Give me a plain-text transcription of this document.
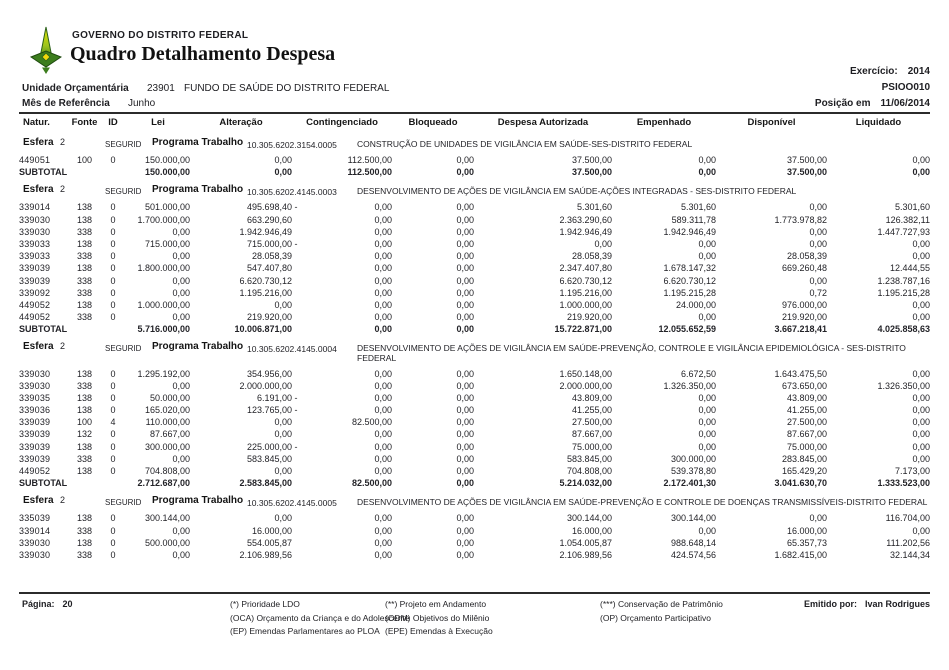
GOVERNO DO DISTRITO FEDERAL
Quadro Detalhamento Despesa
Exercício: 2014
PSIOO010
Posição em 11/06/2014
Unidade Orçamentária 23901 FUNDO DE SAÚDE DO DISTRITO FEDERAL
Mês de Referência Junho
Natur.	Fonte	ID	Lei	Alteração	Contingenciado	Bloqueado	Despesa Autorizada	Empenhado	Disponível	Liquidado

Esfera 2	SEGURID Programa Trabalho 10.305.6202.3154.0005 CONSTRUÇÃO DE UNIDADES DE VIGILÂNCIA EM SAÚDE-SES-DISTRITO FEDERAL

449051	100	0	150.000,00	0,00	112.500,00	0,00	37.500,00	0,00	37.500,00	0,00
SUBTOTAL			150.000,00	0,00	112.500,00	0,00	37.500,00	0,00	37.500,00	0,00

Esfera 2	SEGURID Programa Trabalho 10.305.6202.4145.0003 DESENVOLVIMENTO DE AÇÕES DE VIGILÂNCIA EM SAÚDE-AÇÕES INTEGRADAS - SES-DISTRITO FEDERAL

339014	138	0	501.000,00	495.698,40 -	0,00	0,00	5.301,60	5.301,60	0,00	5.301,60
339030	138	0	1.700.000,00	663.290,60	0,00	0,00	2.363.290,60	589.311,78	1.773.978,82	126.382,11
339030	338	0	0,00	1.942.946,49	0,00	0,00	1.942.946,49	1.942.946,49	0,00	1.447.727,93
339033	138	0	715.000,00	715.000,00 -	0,00	0,00	0,00	0,00	0,00	0,00
339033	338	0	0,00	28.058,39	0,00	0,00	28.058,39	0,00	28.058,39	0,00
339039	138	0	1.800.000,00	547.407,80	0,00	0,00	2.347.407,80	1.678.147,32	669.260,48	12.444,55
339039	338	0	0,00	6.620.730,12	0,00	0,00	6.620.730,12	6.620.730,12	0,00	1.238.787,16
339092	338	0	0,00	1.195.216,00	0,00	0,00	1.195.216,00	1.195.215,28	0,72	1.195.215,28
449052	138	0	1.000.000,00	0,00	0,00	0,00	1.000.000,00	24.000,00	976.000,00	0,00
449052	338	0	0,00	219.920,00	0,00	0,00	219.920,00	0,00	219.920,00	0,00
SUBTOTAL			5.716.000,00	10.006.871,00	0,00	0,00	15.722.871,00	12.055.652,59	3.667.218,41	4.025.858,63

Esfera 2	SEGURID Programa Trabalho 10.305.6202.4145.0004 DESENVOLVIMENTO DE AÇÕES DE VIGILÂNCIA EM SAÚDE-PREVENÇÃO, CONTROLE E VIGILÂNCIA EPIDEMIOLÓGICA - SES-DISTRITO FEDERAL

339030	138	0	1.295.192,00	354.956,00	0,00	0,00	1.650.148,00	6.672,50	1.643.475,50	0,00
339030	338	0	0,00	2.000.000,00	0,00	0,00	2.000.000,00	1.326.350,00	673.650,00	1.326.350,00
339035	138	0	50.000,00	6.191,00 -	0,00	0,00	43.809,00	0,00	43.809,00	0,00
339036	138	0	165.020,00	123.765,00 -	0,00	0,00	41.255,00	0,00	41.255,00	0,00
339039	100	4	110.000,00	0,00	82.500,00	0,00	27.500,00	0,00	27.500,00	0,00
339039	132	0	87.667,00	0,00	0,00	0,00	87.667,00	0,00	87.667,00	0,00
339039	138	0	300.000,00	225.000,00 -	0,00	0,00	75.000,00	0,00	75.000,00	0,00
339039	338	0	0,00	583.845,00	0,00	0,00	583.845,00	300.000,00	283.845,00	0,00
449052	138	0	704.808,00	0,00	0,00	0,00	704.808,00	539.378,80	165.429,20	7.173,00
SUBTOTAL			2.712.687,00	2.583.845,00	82.500,00	0,00	5.214.032,00	2.172.401,30	3.041.630,70	1.333.523,00

Esfera 2	SEGURID Programa Trabalho 10.305.6202.4145.0005 DESENVOLVIMENTO DE AÇÕES DE VIGILÂNCIA EM SAÚDE-PREVENÇÃO E CONTROLE DE DOENÇAS TRANSMISSÍVEIS-DISTRITO FEDERAL

335039	138	0	300.144,00	0,00	0,00	0,00	300.144,00	300.144,00	0,00	116.704,00
339014	338	0	0,00	16.000,00	0,00	0,00	16.000,00	0,00	16.000,00	0,00
339030	138	0	500.000,00	554.005,87	0,00	0,00	1.054.005,87	988.648,14	65.357,73	111.202,56
339030	338	0	0,00	2.106.989,56	0,00	0,00	2.106.989,56	424.574,56	1.682.415,00	32.144,34
Página: 20	(*) Prioridade LDO
(OCA) Orçamento da Criança e do Adolescente
(EP) Emendas Parlamentares ao PLOA
(**) Projeto em Andamento
(ODM) Objetivos do Milênio
(EPE) Emendas à Execução
(***) Conservação de Patrimônio
(OP) Orçamento Participativo
Emitido por: Ivan Rodrigues
